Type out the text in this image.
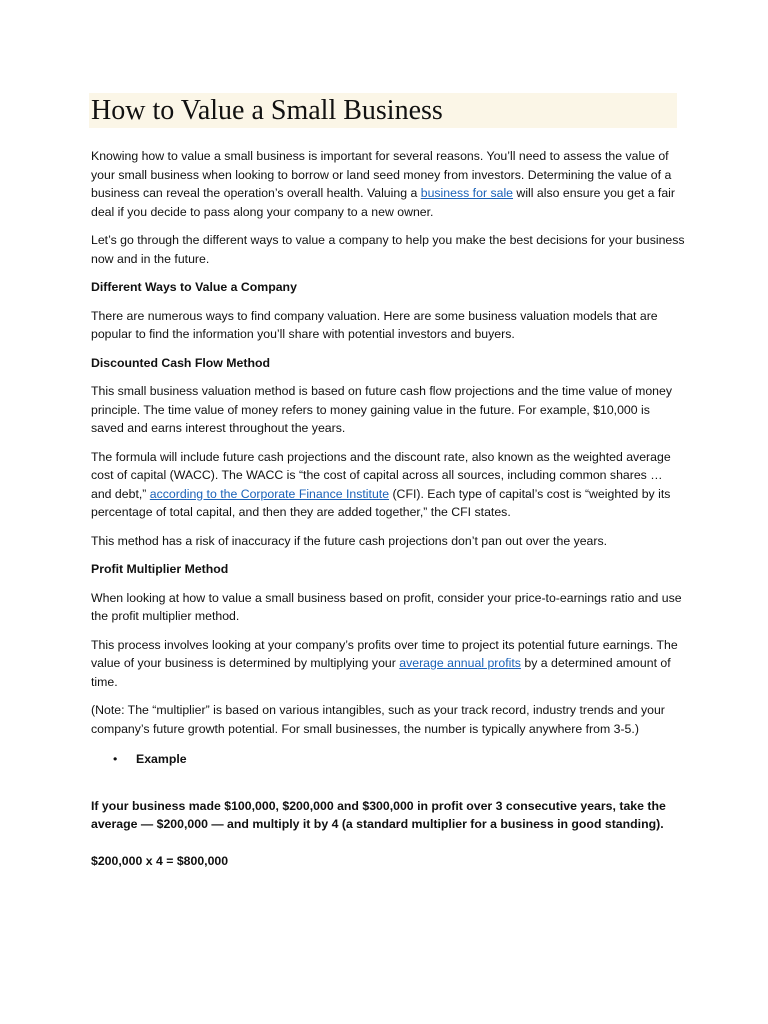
How to Value a Small Business

Knowing how to value a small business is important for several reasons. You’ll need to assess the value of your small business when looking to borrow or land seed money from investors. Determining the value of a business can reveal the operation’s overall health. Valuing a business for sale will also ensure you get a fair deal if you decide to pass along your company to a new owner.

Let’s go through the different ways to value a company to help you make the best decisions for your business now and in the future.

Different Ways to Value a Company

There are numerous ways to find company valuation. Here are some business valuation models that are popular to find the information you’ll share with potential investors and buyers.

Discounted Cash Flow Method

This small business valuation method is based on future cash flow projections and the time value of money principle. The time value of money refers to money gaining value in the future. For example, $10,000 is saved and earns interest throughout the years.

The formula will include future cash projections and the discount rate, also known as the weighted average cost of capital (WACC). The WACC is “the cost of capital across all sources, including common shares … and debt,” according to the Corporate Finance Institute (CFI). Each type of capital’s cost is “weighted by its percentage of total capital, and then they are added together,” the CFI states.

This method has a risk of inaccuracy if the future cash projections don’t pan out over the years.

Profit Multiplier Method

When looking at how to value a small business based on profit, consider your price-to-earnings ratio and use the profit multiplier method.

This process involves looking at your company’s profits over time to project its potential future earnings. The value of your business is determined by multiplying your average annual profits by a determined amount of time.

(Note: The “multiplier” is based on various intangibles, such as your track record, industry trends and your company’s future growth potential. For small businesses, the number is typically anywhere from 3-5.)

• Example

If your business made $100,000, $200,000 and $300,000 in profit over 3 consecutive years, take the average — $200,000 — and multiply it by 4 (a standard multiplier for a business in good standing).

$200,000 x 4 = $800,000
